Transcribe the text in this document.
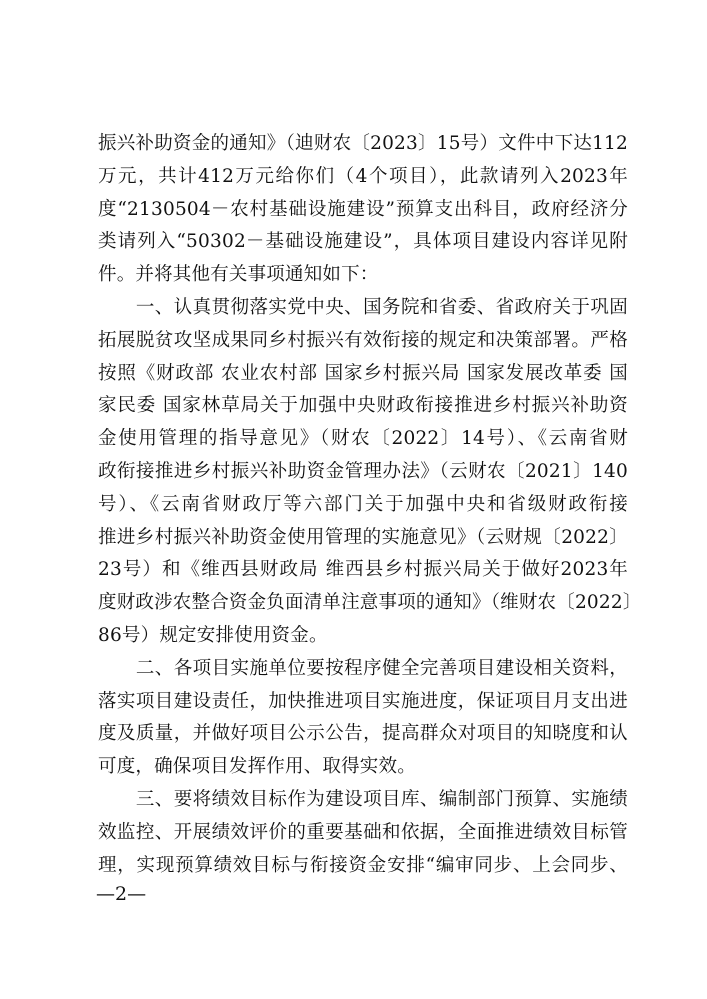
振兴补助资金的通知》（迪财农〔2023〕15号）文件中下达112
万元，共计412万元给你们（4个项目），此款请列入2023年
度“2130504－农村基础设施建设”预算支出科目，政府经济分
类请列入“50302－基础设施建设”，具体项目建设内容详见附
件。并将其他有关事项通知如下：
　　一、认真贯彻落实党中央、国务院和省委、省政府关于巩固
拓展脱贫攻坚成果同乡村振兴有效衔接的规定和决策部署。严格
按照《财政部 农业农村部 国家乡村振兴局 国家发展改革委 国
家民委 国家林草局关于加强中央财政衔接推进乡村振兴补助资
金使用管理的指导意见》（财农〔2022〕14号）、《云南省财
政衔接推进乡村振兴补助资金管理办法》（云财农〔2021〕140
号）、《云南省财政厅等六部门关于加强中央和省级财政衔接
推进乡村振兴补助资金使用管理的实施意见》（云财规〔2022〕
23号）和《维西县财政局 维西县乡村振兴局关于做好2023年
度财政涉农整合资金负面清单注意事项的通知》（维财农〔2022〕
86号）规定安排使用资金。
　　二、各项目实施单位要按程序健全完善项目建设相关资料，
落实项目建设责任，加快推进项目实施进度，保证项目月支出进
度及质量，并做好项目公示公告，提高群众对项目的知晓度和认
可度，确保项目发挥作用、取得实效。
　　三、要将绩效目标作为建设项目库、编制部门预算、实施绩
效监控、开展绩效评价的重要基础和依据，全面推进绩效目标管
理，实现预算绩效目标与衔接资金安排“编审同步、上会同步、
—2—
